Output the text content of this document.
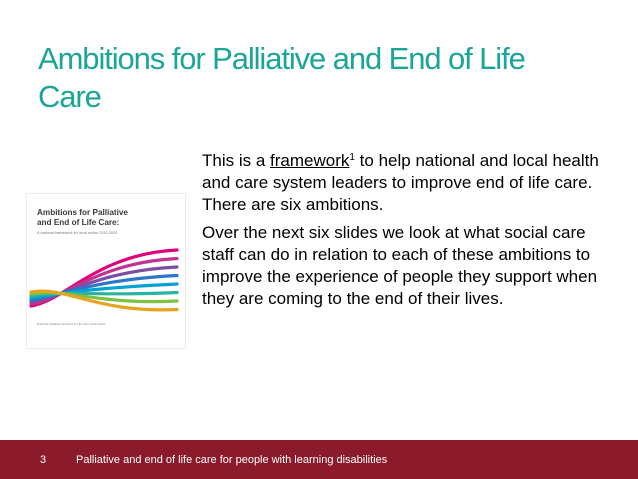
Ambitions for Palliative and End of Life Care
Ambitions for Palliative
and End of Life Care:
A national framework for local action 2015-2020
National Palliative and End of Life Care Partnership

This is a framework$^1$ to help national and local health and care system leaders to improve end of life care. There are six ambitions.

Over the next six slides we look at what social care staff can do in relation to each of these ambitions to improve the experience of people they support when they are coming to the end of their lives.

3	Palliative and end of life care for people with learning disabilities
